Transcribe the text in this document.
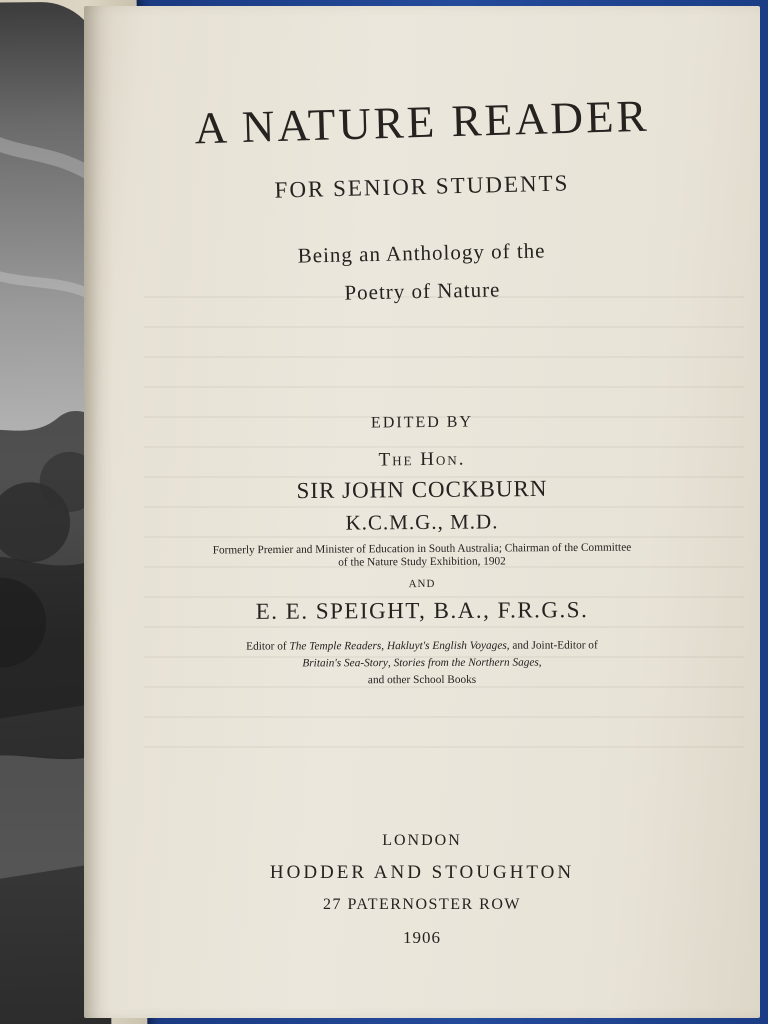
A NATURE READER
FOR SENIOR STUDENTS
Being an Anthology of the
Poetry of Nature
EDITED BY
The Hon.
SIR JOHN COCKBURN
K.C.M.G., M.D.
Formerly Premier and Minister of Education in South Australia; Chairman of the Committee
of the Nature Study Exhibition, 1902
AND
E. E. SPEIGHT, B.A., F.R.G.S.
Editor of The Temple Readers, Hakluyt's English Voyages, and Joint-Editor of
Britain's Sea-Story, Stories from the Northern Sages,
and other School Books
LONDON
HODDER AND STOUGHTON
27 PATERNOSTER ROW
1906
